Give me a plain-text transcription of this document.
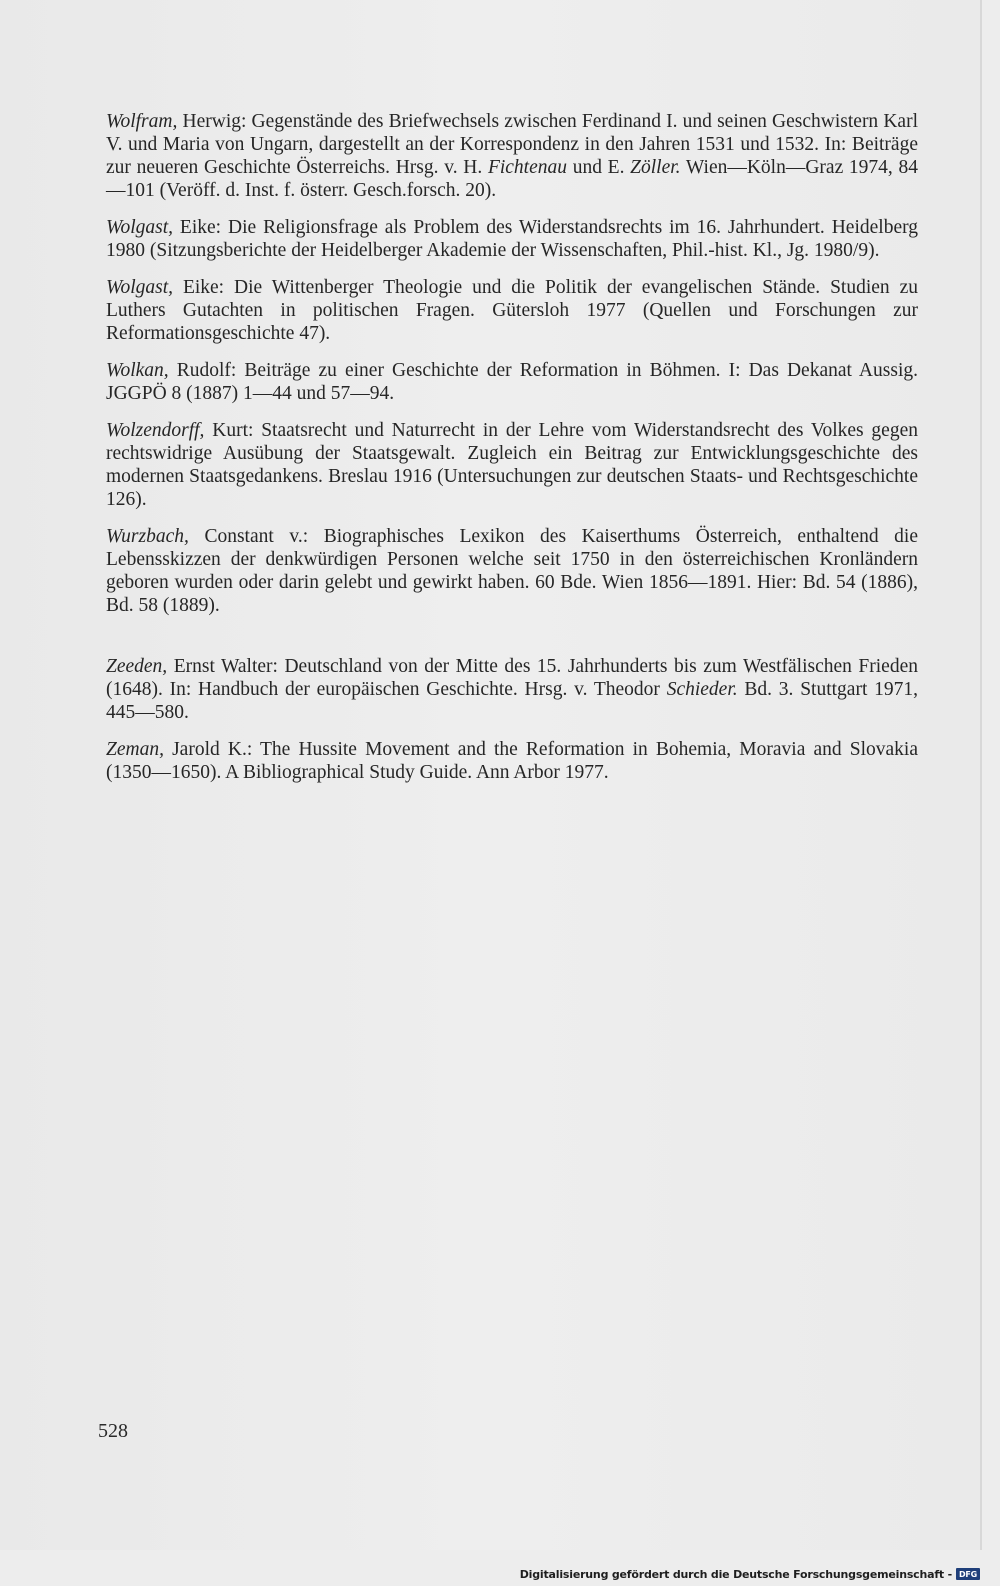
Wolfram, Herwig: Gegenstände des Briefwechsels zwischen Ferdinand I. und seinen Geschwistern Karl V. und Maria von Ungarn, dargestellt an der Korrespondenz in den Jahren 1531 und 1532. In: Beiträge zur neueren Geschichte Österreichs. Hrsg. v. H. Fichtenau und E. Zöller. Wien—Köln—Graz 1974, 84—101 (Veröff. d. Inst. f. österr. Gesch.forsch. 20).

Wolgast, Eike: Die Religionsfrage als Problem des Widerstandsrechts im 16. Jahrhundert. Heidelberg 1980 (Sitzungsberichte der Heidelberger Akademie der Wissenschaften, Phil.-hist. Kl., Jg. 1980/9).

Wolgast, Eike: Die Wittenberger Theologie und die Politik der evangelischen Stände. Studien zu Luthers Gutachten in politischen Fragen. Gütersloh 1977 (Quellen und Forschungen zur Reformationsgeschichte 47).

Wolkan, Rudolf: Beiträge zu einer Geschichte der Reformation in Böhmen. I: Das Dekanat Aussig. JGGPÖ 8 (1887) 1—44 und 57—94.

Wolzendorff, Kurt: Staatsrecht und Naturrecht in der Lehre vom Widerstandsrecht des Volkes gegen rechtswidrige Ausübung der Staatsgewalt. Zugleich ein Beitrag zur Entwicklungsgeschichte des modernen Staatsgedankens. Breslau 1916 (Untersuchungen zur deutschen Staats- und Rechtsgeschichte 126).

Wurzbach, Constant v.: Biographisches Lexikon des Kaiserthums Österreich, enthaltend die Lebensskizzen der denkwürdigen Personen welche seit 1750 in den österreichischen Kronländern geboren wurden oder darin gelebt und gewirkt haben. 60 Bde. Wien 1856—1891. Hier: Bd. 54 (1886), Bd. 58 (1889).

Zeeden, Ernst Walter: Deutschland von der Mitte des 15. Jahrhunderts bis zum Westfälischen Frieden (1648). In: Handbuch der europäischen Geschichte. Hrsg. v. Theodor Schieder. Bd. 3. Stuttgart 1971, 445—580.

Zeman, Jarold K.: The Hussite Movement and the Reformation in Bohemia, Moravia and Slovakia (1350—1650). A Bibliographical Study Guide. Ann Arbor 1977.

528
Digitalisierung gefördert durch die Deutsche Forschungsgemeinschaft - DFG
